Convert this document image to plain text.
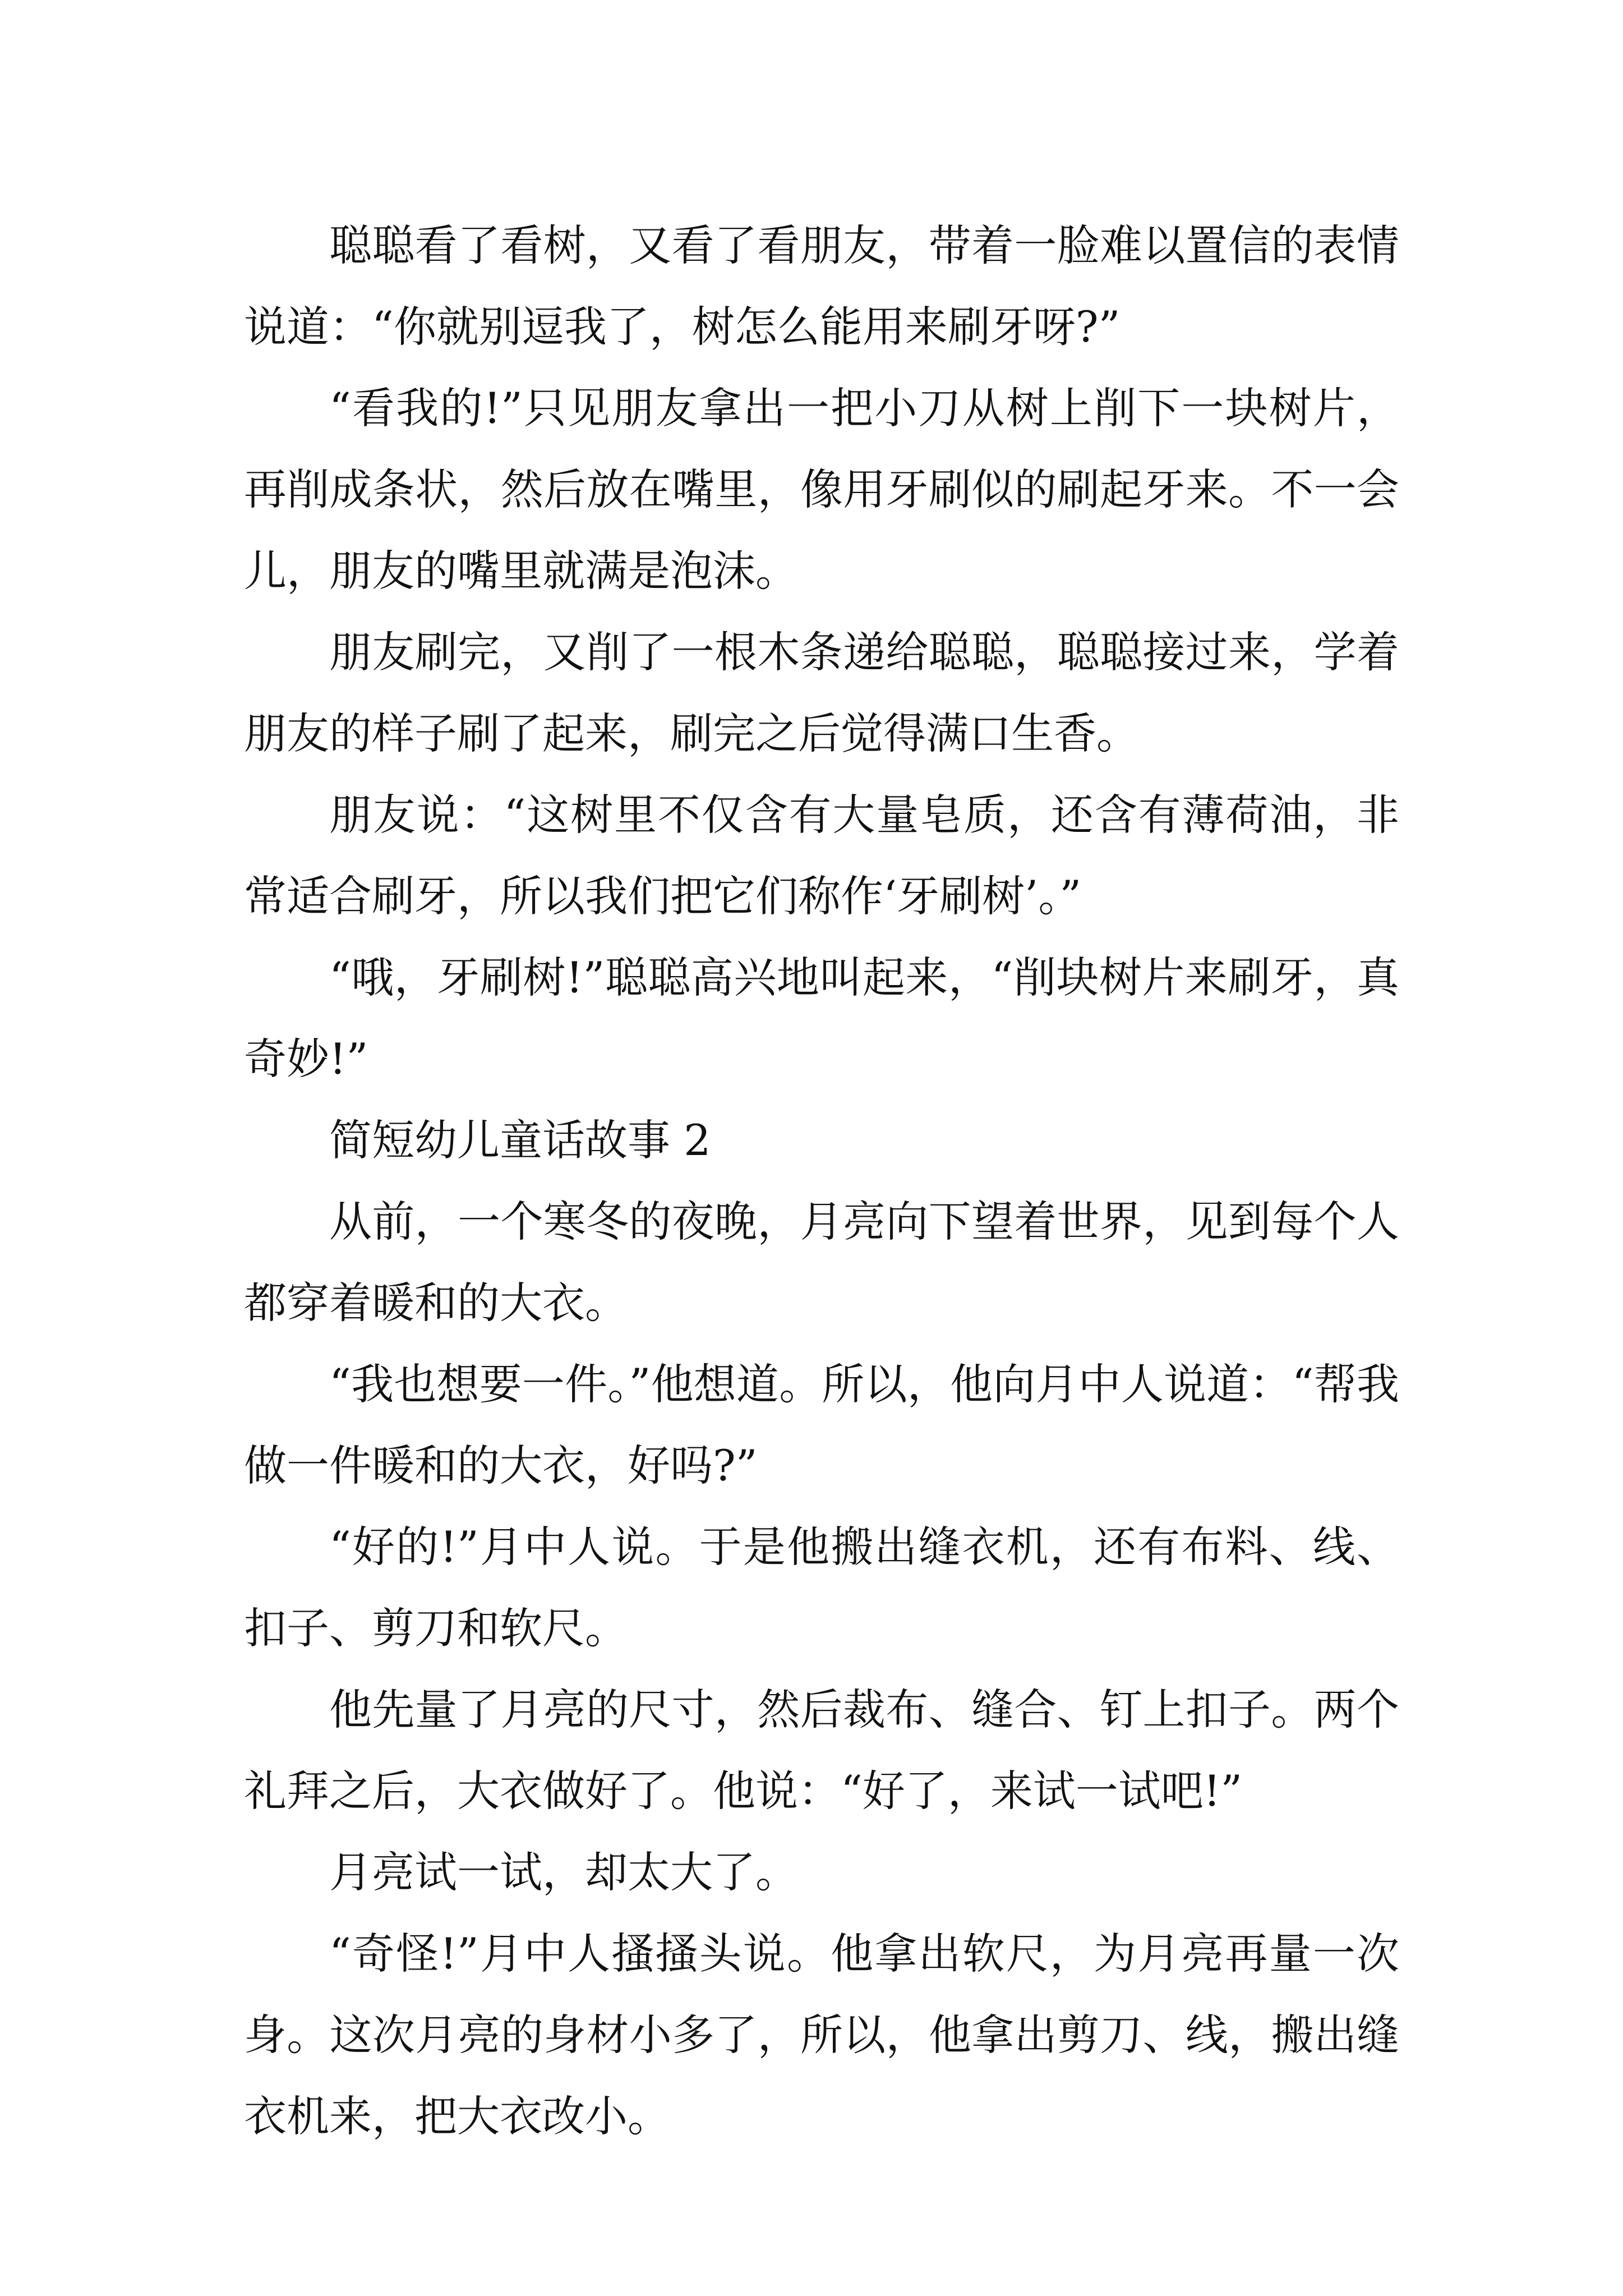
聪聪看了看树，又看了看朋友，带着一脸难以置信的表情说道：“你就别逗我了，树怎么能用来刷牙呀?”

“看我的!”只见朋友拿出一把小刀从树上削下一块树片，再削成条状，然后放在嘴里，像用牙刷似的刷起牙来。不一会儿，朋友的嘴里就满是泡沫。

朋友刷完，又削了一根木条递给聪聪，聪聪接过来，学着朋友的样子刷了起来，刷完之后觉得满口生香。

朋友说：“这树里不仅含有大量皂质，还含有薄荷油，非常适合刷牙，所以我们把它们称作‘牙刷树’。”

“哦，牙刷树!”聪聪高兴地叫起来，“削块树片来刷牙，真奇妙!”

简短幼儿童话故事 2

从前，一个寒冬的夜晚，月亮向下望着世界，见到每个人都穿着暖和的大衣。

“我也想要一件。”他想道。所以，他向月中人说道：“帮我做一件暖和的大衣，好吗?”

“好的!”月中人说。于是他搬出缝衣机，还有布料、线、扣子、剪刀和软尺。

他先量了月亮的尺寸，然后裁布、缝合、钉上扣子。两个礼拜之后，大衣做好了。他说：“好了，来试一试吧!”

月亮试一试，却太大了。

“奇怪!”月中人搔搔头说。他拿出软尺，为月亮再量一次身。这次月亮的身材小多了，所以，他拿出剪刀、线，搬出缝衣机来，把大衣改小。
